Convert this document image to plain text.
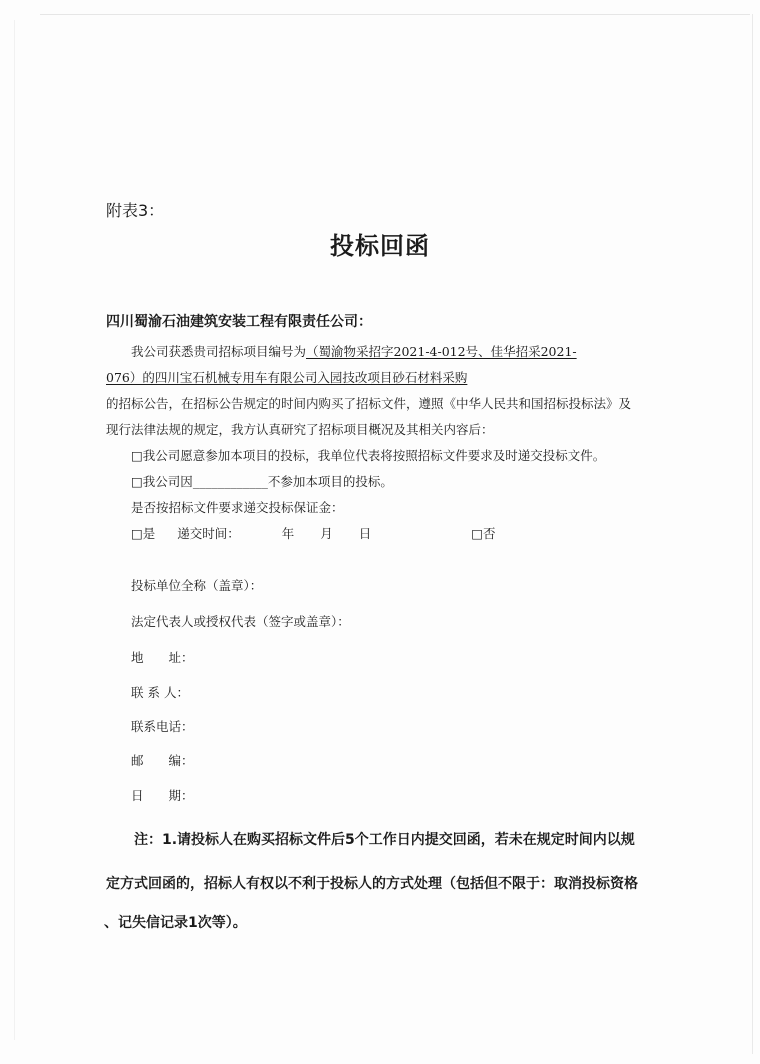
附表3：
投标回函
四川蜀渝石油建筑安装工程有限责任公司：
我公司获悉贵司招标项目编号为（蜀渝物采招字2021-4-012号、佳华招采2021-
076）的四川宝石机械专用车有限公司入园技改项目砂石材料采购
的招标公告，在招标公告规定的时间内购买了招标文件，遵照《中华人民共和国招标投标法》及
现行法律法规的规定，我方认真研究了招标项目概况及其相关内容后：
□我公司愿意参加本项目的投标，我单位代表将按照招标文件要求及时递交投标文件。
□我公司因____________不参加本项目的投标。
是否按招标文件要求递交投标保证金：
□是 递交时间：	年 月 日	□否
投标单位全称（盖章）：
法定代表人或授权代表（签字或盖章）：
地　　址：
联 系 人：
联系电话：
邮　　编：
日　　期：
注：1.请投标人在购买招标文件后5个工作日内提交回函，若未在规定时间内以规
定方式回函的，招标人有权以不利于投标人的方式处理（包括但不限于：取消投标资格
、记失信记录1次等）。
